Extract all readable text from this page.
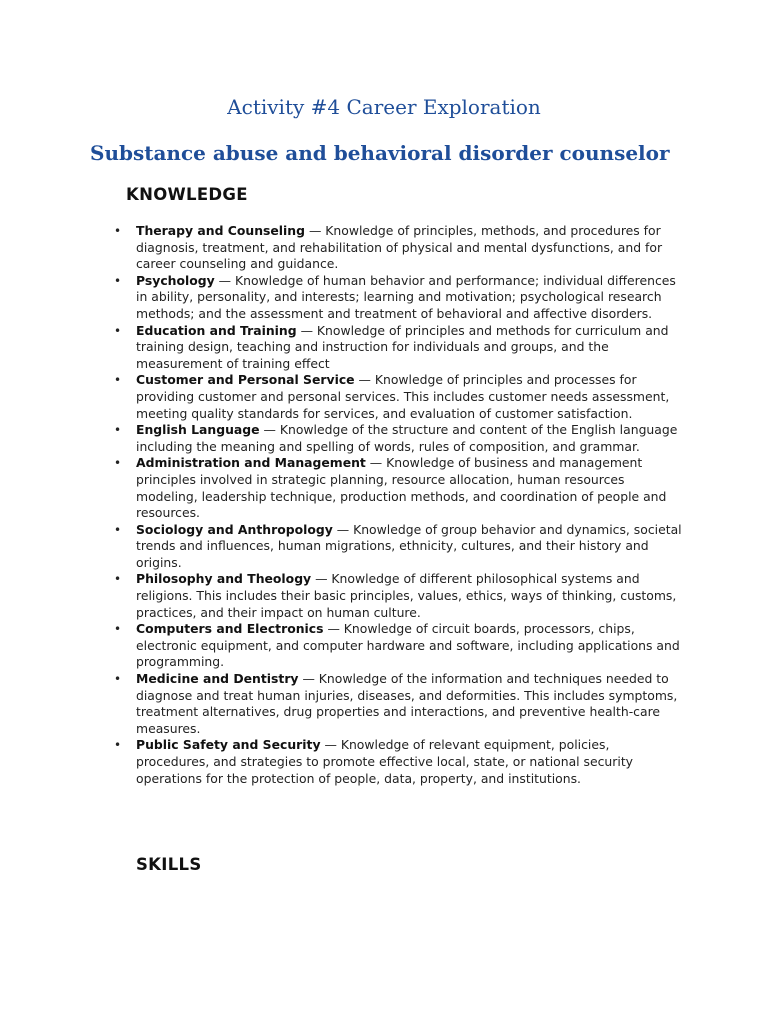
Activity #4 Career Exploration
Substance abuse and behavioral disorder counselor
KNOWLEDGE
• Therapy and Counseling — Knowledge of principles, methods, and procedures for diagnosis, treatment, and rehabilitation of physical and mental dysfunctions, and for career counseling and guidance.
• Psychology — Knowledge of human behavior and performance; individual differences in ability, personality, and interests; learning and motivation; psychological research methods; and the assessment and treatment of behavioral and affective disorders.
• Education and Training — Knowledge of principles and methods for curriculum and training design, teaching and instruction for individuals and groups, and the measurement of training effect
• Customer and Personal Service — Knowledge of principles and processes for providing customer and personal services. This includes customer needs assessment, meeting quality standards for services, and evaluation of customer satisfaction.
• English Language — Knowledge of the structure and content of the English language including the meaning and spelling of words, rules of composition, and grammar.
• Administration and Management — Knowledge of business and management principles involved in strategic planning, resource allocation, human resources modeling, leadership technique, production methods, and coordination of people and resources.
• Sociology and Anthropology — Knowledge of group behavior and dynamics, societal trends and influences, human migrations, ethnicity, cultures, and their history and origins.
• Philosophy and Theology — Knowledge of different philosophical systems and religions. This includes their basic principles, values, ethics, ways of thinking, customs, practices, and their impact on human culture.
• Computers and Electronics — Knowledge of circuit boards, processors, chips, electronic equipment, and computer hardware and software, including applications and programming.
• Medicine and Dentistry — Knowledge of the information and techniques needed to diagnose and treat human injuries, diseases, and deformities. This includes symptoms, treatment alternatives, drug properties and interactions, and preventive health-care measures.
• Public Safety and Security — Knowledge of relevant equipment, policies, procedures, and strategies to promote effective local, state, or national security operations for the protection of people, data, property, and institutions.
SKILLS
